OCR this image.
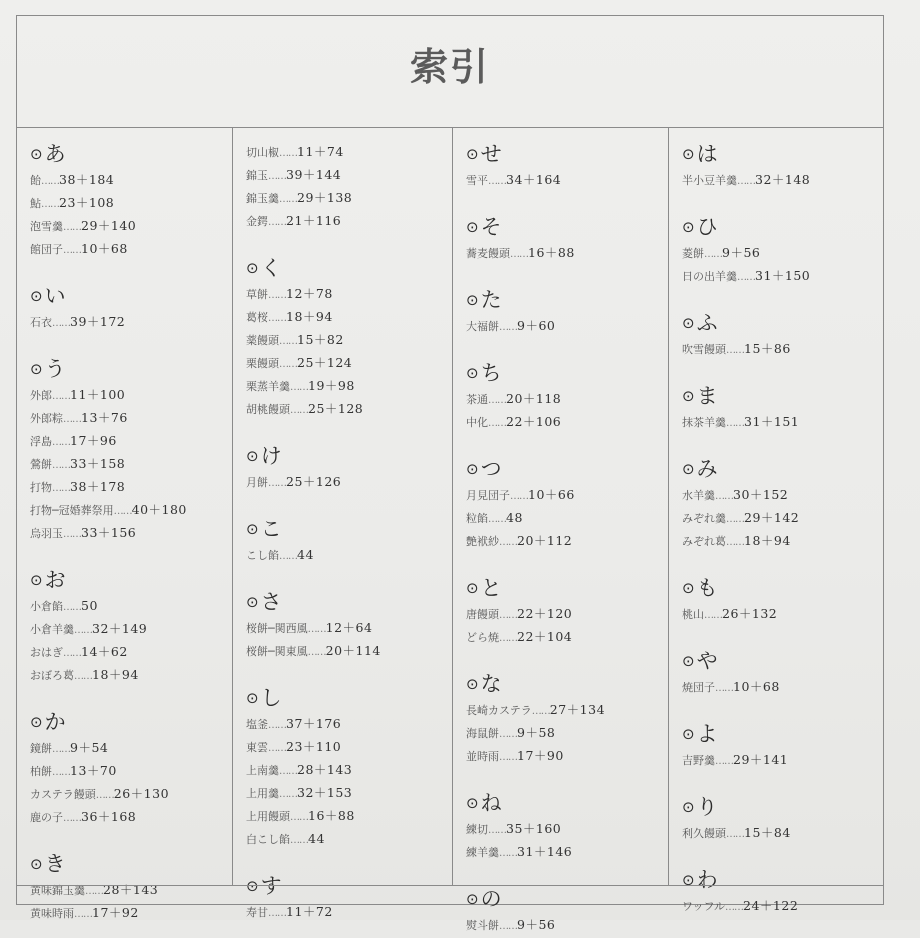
索引
⊙あ
飴……38＋184
鮎……23＋108
泡雪羹……29＋140
館団子……10＋68
⊙い
石衣……39＋172
⊙う
外郎……11＋100
外郎粽……13＋76
浮島……17＋96
鶯餅……33＋158
打物……38＋178
打物─冠婚葬祭用……40＋180
烏羽玉……33＋156
⊙お
小倉餡……50
小倉羊羹……32＋149
おはぎ……14＋62
おぼろ葛……18＋94
⊙か
鏡餅……9＋54
柏餅……13＋70
カステラ饅頭……26＋130
鹿の子……36＋168
⊙き
黄味錦玉羹……28＋143
黄味時雨……17＋92
切山椒……11＋74
錦玉……39＋144
錦玉羹……29＋138
金鍔……21＋116
⊙く
草餅……12＋78
葛桜……18＋94
薬饅頭……15＋82
栗饅頭……25＋124
栗蒸羊羹……19＋98
胡桃饅頭……25＋128
⊙け
月餅……25＋126
⊙こ
こし餡……44
⊙さ
桜餅─関西風……12＋64
桜餅─関東風……20＋114
⊙し
塩釜……37＋176
東雲……23＋110
上南羹……28＋143
上用羹……32＋153
上用饅頭……16＋88
白こし餡……44
⊙す
寿甘……11＋72
⊙せ
雪平……34＋164
⊙そ
蕎麦饅頭……16＋88
⊙た
大福餅……9＋60
⊙ち
茶通……20＋118
中化……22＋106
⊙つ
月見団子……10＋66
粒餡……48
艶袱紗……20＋112
⊙と
唐饅頭……22＋120
どら焼……22＋104
⊙な
長崎カステラ……27＋134
海鼠餅……9＋58
並時雨……17＋90
⊙ね
練切……35＋160
練羊羹……31＋146
⊙の
熨斗餅……9＋56
⊙は
半小豆羊羹……32＋148
⊙ひ
菱餅……9＋56
日の出羊羹……31＋150
⊙ふ
吹雪饅頭……15＋86
⊙ま
抹茶羊羹……31＋151
⊙み
水羊羹……30＋152
みぞれ羹……29＋142
みぞれ葛……18＋94
⊙も
桃山……26＋132
⊙や
焼団子……10＋68
⊙よ
吉野羹……29＋141
⊙り
利久饅頭……15＋84
⊙わ
ワッフル……24＋122
